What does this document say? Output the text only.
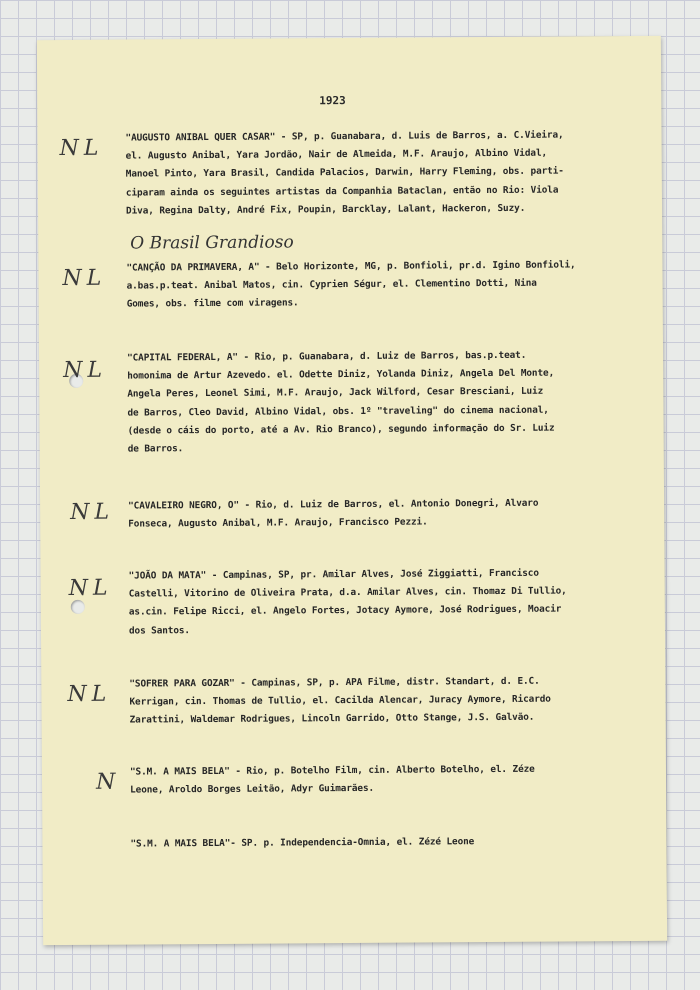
1923
O Brasil Grandioso
NL "AUGUSTO ANIBAL QUER CASAR" - SP, p. Guanabara, d. Luis de Barros, a. C.Vieira,
el. Augusto Anibal, Yara Jordão, Nair de Almeida, M.F. Araujo, Albino Vidal,
Manoel Pinto, Yara Brasil, Candida Palacios, Darwin, Harry Fleming, obs. parti-
ciparam ainda os seguintes artistas da Companhia Bataclan, então no Rio: Viola
Diva, Regina Dalty, André Fix, Poupin, Barcklay, Lalant, Hackeron, Suzy.
NL "CANÇÃO DA PRIMAVERA, A" - Belo Horizonte, MG, p. Bonfioli, pr.d. Igino Bonfioli,
a.bas.p.teat. Anibal Matos, cin. Cyprien Ségur, el. Clementino Dotti, Nina
Gomes, obs. filme com viragens.
NL
"CAPITAL FEDERAL, A" - Rio, p. Guanabara, d. Luiz de Barros, bas.p.teat.
homonima de Artur Azevedo. el. Odette Diniz, Yolanda Diniz, Angela Del Monte,
Angela Peres, Leonel Simi, M.F. Araujo, Jack Wilford, Cesar Bresciani, Luiz
de Barros, Cleo David, Albino Vidal, obs. 1º "traveling" do cinema nacional,
(desde o cáis do porto, até a Av. Rio Branco), segundo informação do Sr. Luiz
de Barros.
NL "CAVALEIRO NEGRO, O" - Rio, d. Luiz de Barros, el. Antonio Donegri, Alvaro
Fonseca, Augusto Anibal, M.F. Araujo, Francisco Pezzi.
NL
"JOÃO DA MATA" - Campinas, SP, pr. Amilar Alves, José Ziggiatti, Francisco
Castelli, Vitorino de Oliveira Prata, d.a. Amilar Alves, cin. Thomaz Di Tullio,
as.cin. Felipe Ricci, el. Angelo Fortes, Jotacy Aymore, José Rodrigues, Moacir
dos Santos.
NL "SOFRER PARA GOZAR" - Campinas, SP, p. APA Filme, distr. Standart, d. E.C.
Kerrigan, cin. Thomas de Tullio, el. Cacilda Alencar, Juracy Aymore, Ricardo
Zarattini, Waldemar Rodrigues, Lincoln Garrido, Otto Stange, J.S. Galvão.
N "S.M. A MAIS BELA" - Rio, p. Botelho Film, cin. Alberto Botelho, el. Zéze
Leone, Aroldo Borges Leitão, Adyr Guimarães.
"S.M. A MAIS BELA"- SP. p. Independencia-Omnia, el. Zézé Leone
